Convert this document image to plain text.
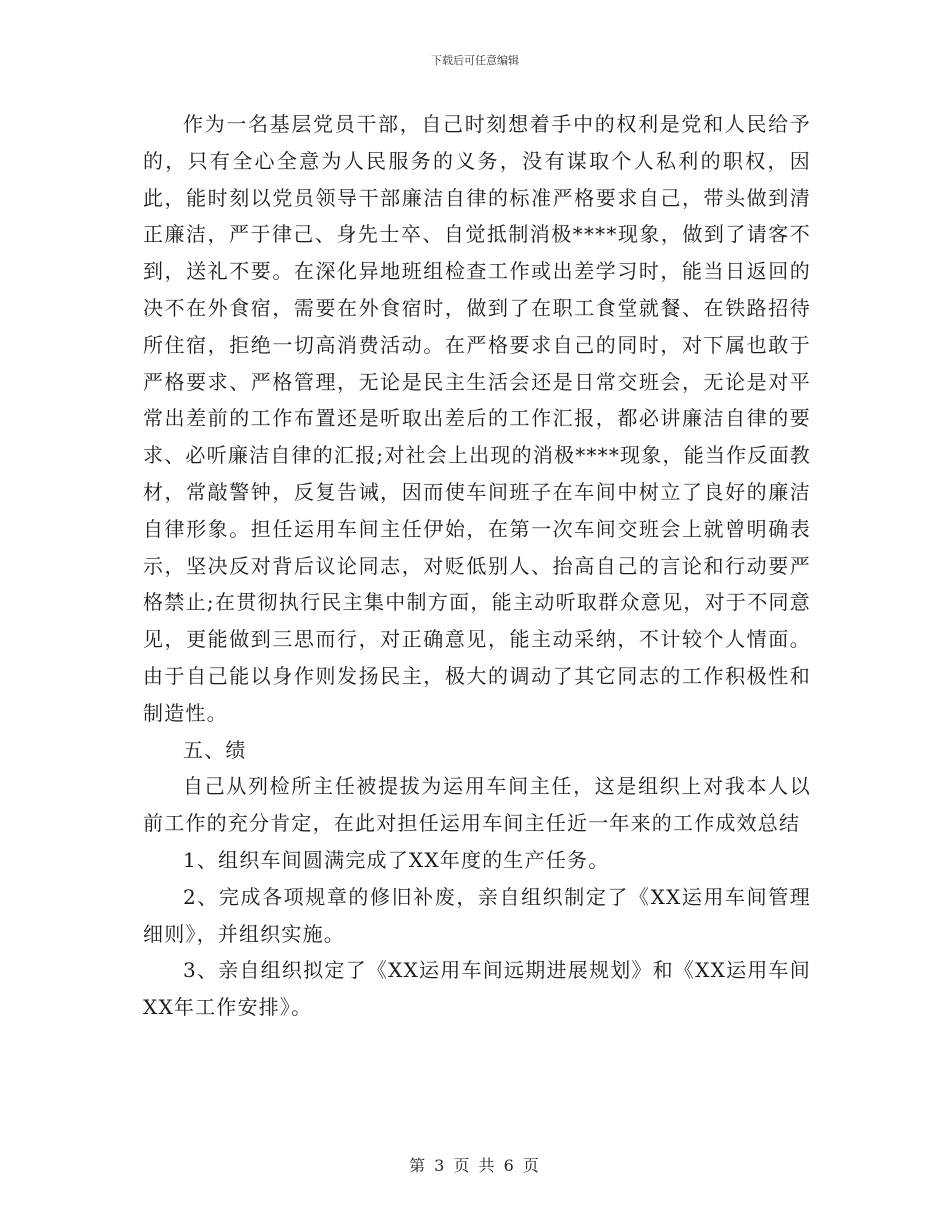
下载后可任意编辑

作为一名基层党员干部，自己时刻想着手中的权利是党和人民给予的，只有全心全意为人民服务的义务，没有谋取个人私利的职权，因此，能时刻以党员领导干部廉洁自律的标准严格要求自己，带头做到清正廉洁，严于律己、身先士卒、自觉抵制消极****现象，做到了请客不到，送礼不要。在深化异地班组检查工作或出差学习时，能当日返回的决不在外食宿，需要在外食宿时，做到了在职工食堂就餐、在铁路招待所住宿，拒绝一切高消费活动。在严格要求自己的同时，对下属也敢于严格要求、严格管理，无论是民主生活会还是日常交班会，无论是对平常出差前的工作布置还是听取出差后的工作汇报，都必讲廉洁自律的要求、必听廉洁自律的汇报;对社会上出现的消极****现象，能当作反面教材，常敲警钟，反复告诫，因而使车间班子在车间中树立了良好的廉洁自律形象。担任运用车间主任伊始，在第一次车间交班会上就曾明确表示，坚决反对背后议论同志，对贬低别人、抬高自己的言论和行动要严格禁止;在贯彻执行民主集中制方面，能主动听取群众意见，对于不同意见，更能做到三思而行，对正确意见，能主动采纳，不计较个人情面。由于自己能以身作则发扬民主，极大的调动了其它同志的工作积极性和制造性。

五、绩

自己从列检所主任被提拔为运用车间主任，这是组织上对我本人以前工作的充分肯定，在此对担任运用车间主任近一年来的工作成效总结

1、组织车间圆满完成了XX年度的生产任务。

2、完成各项规章的修旧补废，亲自组织制定了《XX运用车间管理细则》，并组织实施。

3、亲自组织拟定了《XX运用车间远期进展规划》和《XX运用车间XX年工作安排》。

第 3 页 共 6 页
